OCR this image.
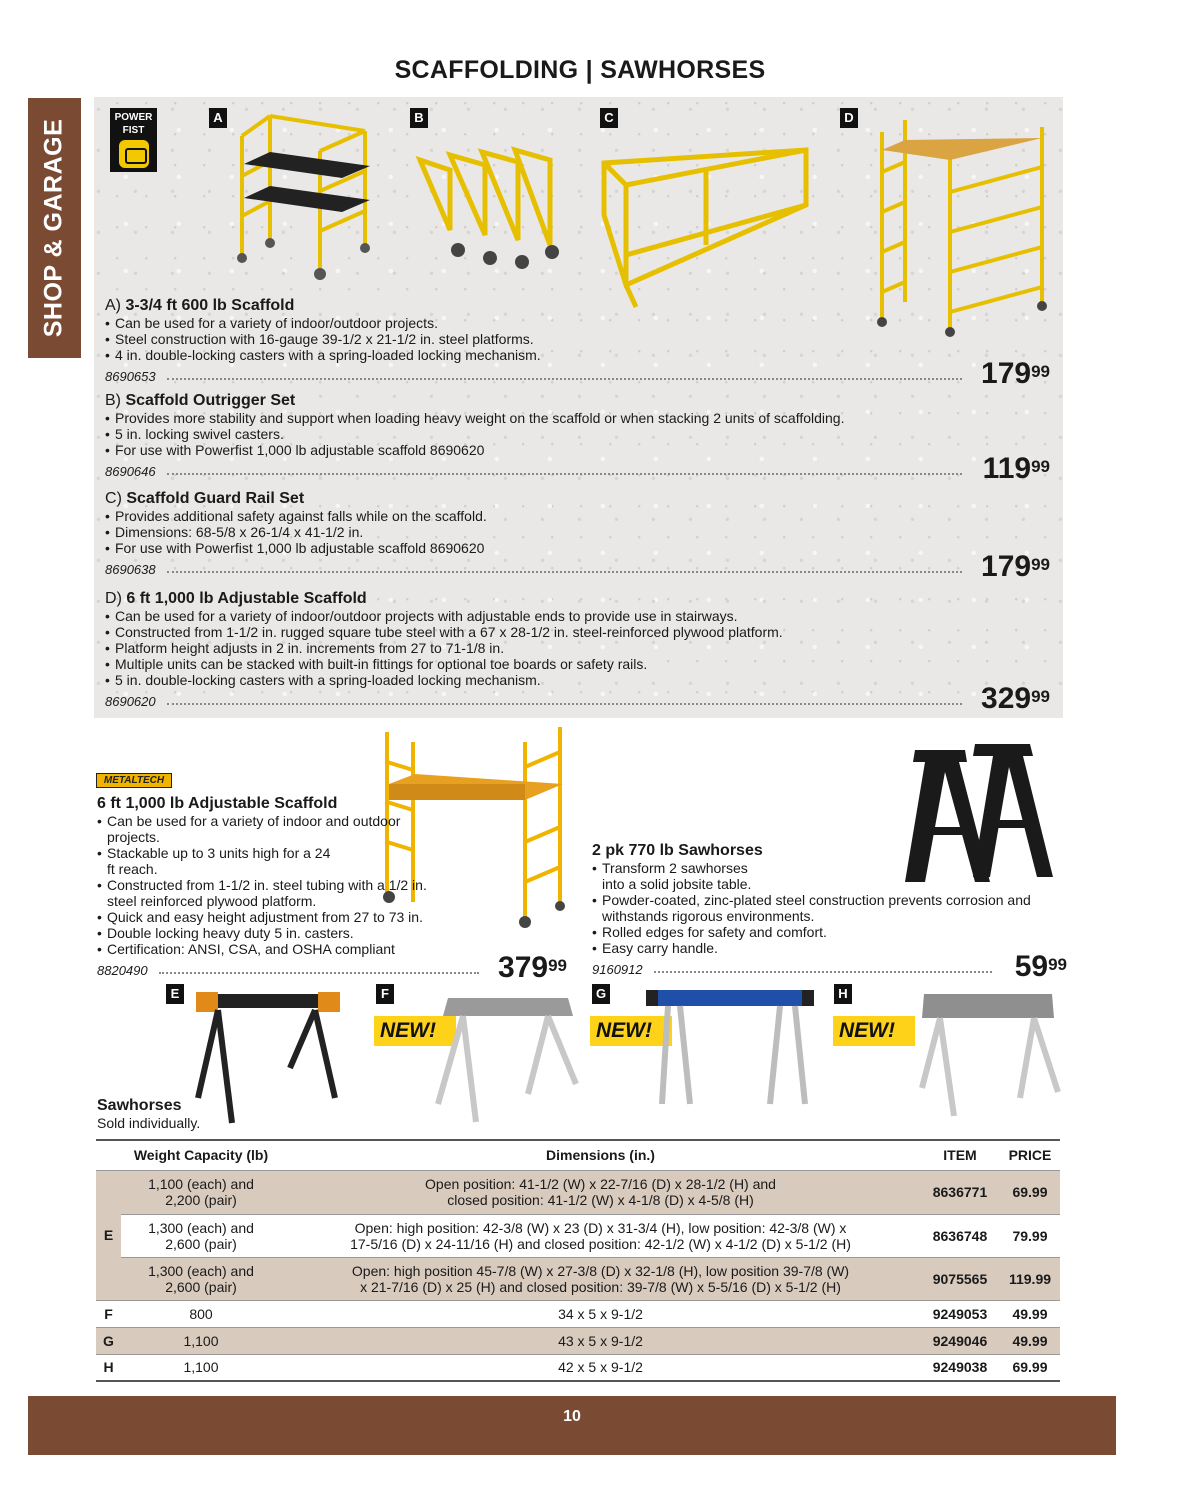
SCAFFOLDING | SAWHORSES
SHOP & GARAGE
POWER
FIST
A	B	C	D
A) 3-3/4 ft 600 lb Scaffold
• Can be used for a variety of indoor/outdoor projects.
• Steel construction with 16-gauge 39-1/2 x 21-1/2 in. steel platforms.
• 4 in. double-locking casters with a spring-loaded locking mechanism.
8690653	$179^{99}$
B) Scaffold Outrigger Set
• Provides more stability and support when loading heavy weight on the scaffold or when stacking 2 units of scaffolding.
• 5 in. locking swivel casters.
• For use with Powerfist 1,000 lb adjustable scaffold 8690620
8690646	$119^{99}$
C) Scaffold Guard Rail Set
• Provides additional safety against falls while on the scaffold.
• Dimensions: 68-5/8 x 26-1/4 x 41-1/2 in.
• For use with Powerfist 1,000 lb adjustable scaffold 8690620
8690638	$179^{99}$
D) 6 ft 1,000 lb Adjustable Scaffold
• Can be used for a variety of indoor/outdoor projects with adjustable ends to provide use in stairways.
• Constructed from 1-1/2 in. rugged square tube steel with a 67 x 28-1/2 in. steel-reinforced plywood platform.
• Platform height adjusts in 2 in. increments from 27 to 71-1/8 in.
• Multiple units can be stacked with built-in fittings for optional toe boards or safety rails.
• 5 in. double-locking casters with a spring-loaded locking mechanism.
8690620	$329^{99}$
METALTECH
6 ft 1,000 lb Adjustable Scaffold
• Can be used for a variety of indoor and outdoor projects.
• Stackable up to 3 units high for a 24 ft reach.
• Constructed from 1-1/2 in. steel tubing with a 1/2 in. steel reinforced plywood platform.
• Quick and easy height adjustment from 27 to 73 in.
• Double locking heavy duty 5 in. casters.
• Certification: ANSI, CSA, and OSHA compliant
8820490	$379^{99}$
2 pk 770 lb Sawhorses
• Transform 2 sawhorses into a solid jobsite table.
• Powder-coated, zinc-plated steel construction prevents corrosion and withstands rigorous environments.
• Rolled edges for safety and comfort.
• Easy carry handle.
9160912	$59^{99}$
E	F	G	H
NEW!	NEW!	NEW!
Sawhorses
Sold individually.
	Weight Capacity (lb)	Dimensions (in.)	ITEM	PRICE
E	1,100 (each) and
2,200 (pair)	Open position: 41-1/2 (W) x 22-7/16 (D) x 28-1/2 (H) and
closed position: 41-1/2 (W) x 4-1/8 (D) x 4-5/8 (H)	8636771	69.99
	1,300 (each) and
2,600 (pair)	Open: high position: 42-3/8 (W) x 23 (D) x 31-3/4 (H), low position: 42-3/8 (W) x
17-5/16 (D) x 24-11/16 (H) and closed position: 42-1/2 (W) x 4-1/2 (D) x 5-1/2 (H)	8636748	79.99
	1,300 (each) and
2,600 (pair)	Open: high position 45-7/8 (W) x 27-3/8 (D) x 32-1/8 (H), low position 39-7/8 (W)
x 21-7/16 (D) x 25 (H) and closed position: 39-7/8 (W) x 5-5/16 (D) x 5-1/2 (H)	9075565	119.99
F	800	34 x 5 x 9-1/2	9249053	49.99
G	1,100	43 x 5 x 9-1/2	9249046	49.99
H	1,100	42 x 5 x 9-1/2	9249038	69.99
10
